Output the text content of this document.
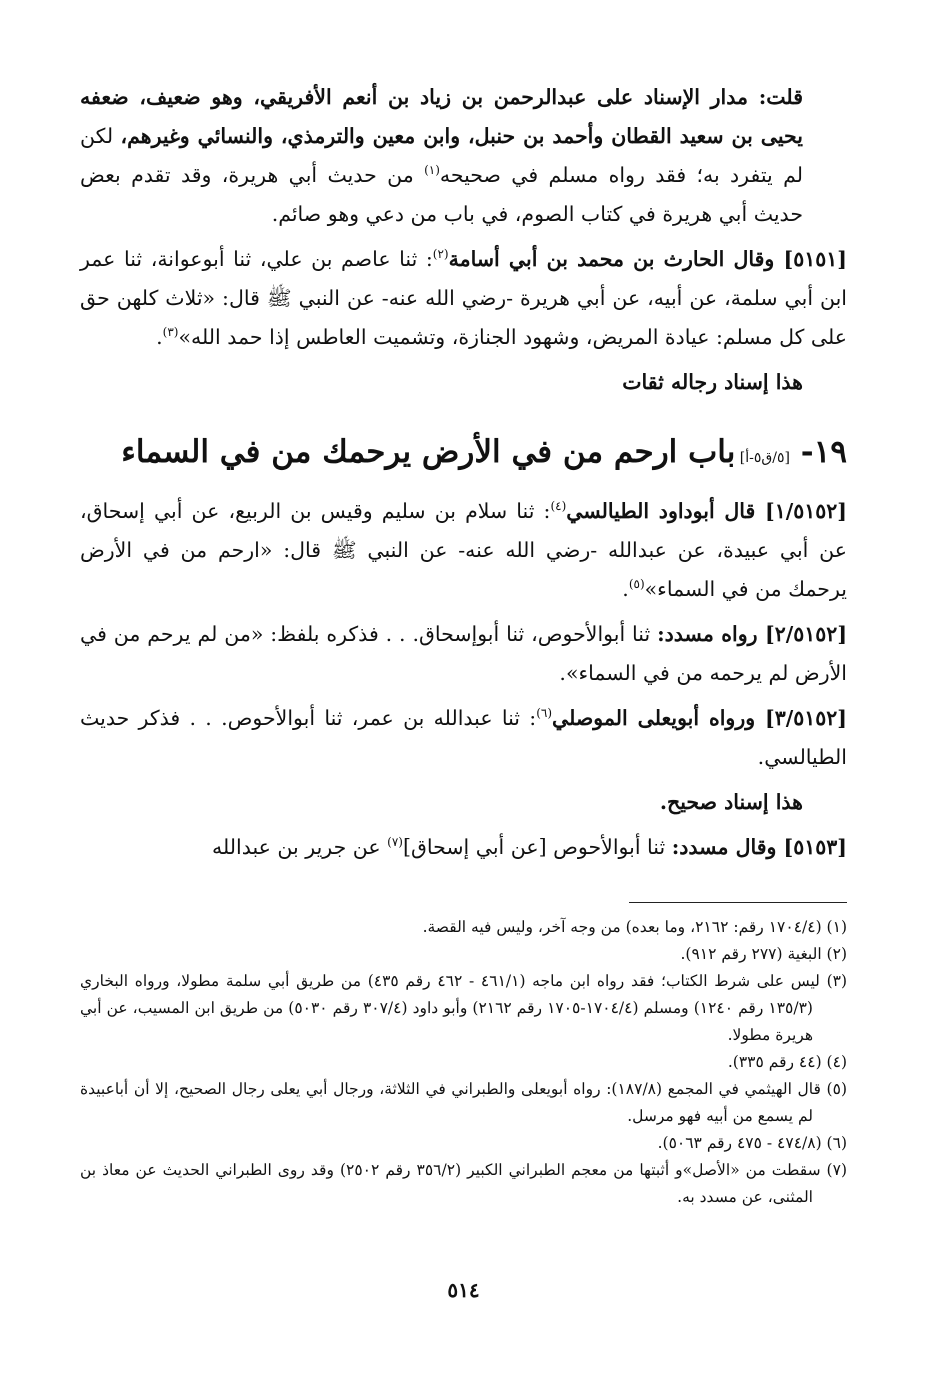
قلت: مدار الإسناد على عبدالرحمن بن زياد بن أنعم الأفريقي، وهو ضعيف، ضعفه يحيى بن سعيد القطان وأحمد بن حنبل، وابن معين والترمذي، والنسائي وغيرهم، لكن لم يتفرد به؛ فقد رواه مسلم في صحيحه$^{(١)}$ من حديث أبي هريرة، وقد تقدم بعض حديث أبي هريرة في كتاب الصوم، في باب من دعي وهو صائم.

[٥١٥١] وقال الحارث بن محمد بن أبي أسامة$^{(٢)}$: ثنا عاصم بن علي، ثنا أبوعوانة، ثنا عمر ابن أبي سلمة، عن أبيه، عن أبي هريرة -رضي الله عنه- عن النبي ﷺ قال: «ثلاث كلهن حق على كل مسلم: عيادة المريض، وشهود الجنازة، وتشميت العاطس إذا حمد الله»$^{(٣)}$.

هذا إسناد رجاله ثقات

١٩- [٥/ق٥-أ] باب ارحم من في الأرض يرحمك من في السماء

[١/٥١٥٢] قال أبوداود الطيالسي$^{(٤)}$: ثنا سلام بن سليم وقيس بن الربيع، عن أبي إسحاق، عن أبي عبيدة، عن عبدالله -رضي الله عنه- عن النبي ﷺ قال: «ارحم من في الأرض يرحمك من في السماء»$^{(٥)}$.

[٢/٥١٥٢] رواه مسدد: ثنا أبوالأحوص، ثنا أبوإسحاق. . . فذكره بلفظ: «من لم يرحم من في الأرض لم يرحمه من في السماء».

[٣/٥١٥٢] ورواه أبويعلى الموصلي$^{(٦)}$: ثنا عبدالله بن عمر، ثنا أبوالأحوص. . . فذكر حديث الطيالسي.

هذا إسناد صحيح.

[٥١٥٣] وقال مسدد: ثنا أبوالأحوص [عن أبي إسحاق]$^{(٧)}$ عن جرير بن عبدالله

(١) (١٧٠٤/٤ رقم: ٢١٦٢، وما بعده) من وجه آخر، وليس فيه القصة.

(٢) البغية (٢٧٧ رقم ٩١٢).

(٣) ليس على شرط الكتاب؛ فقد رواه ابن ماجه (٤٦١/١ - ٤٦٢ رقم ٤٣٥) من طريق أبي سلمة مطولا، ورواه البخاري (١٣٥/٣ رقم ١٢٤٠) ومسلم (١٧٠٤/٤-١٧٠٥ رقم ٢١٦٢) وأبو داود (٣٠٧/٤ رقم ٥٠٣٠) من طريق ابن المسيب، عن أبي هريرة مطولا.

(٤) (٤٤ رقم ٣٣٥).

(٥) قال الهيثمي في المجمع (١٨٧/٨): رواه أبويعلى والطبراني في الثلاثة، ورجال أبي يعلى رجال الصحيح، إلا أن أباعبيدة لم يسمع من أبيه فهو مرسل.

(٦) (٤٧٤/٨ - ٤٧٥ رقم ٥٠٦٣).

(٧) سقطت من «الأصل»و أثبتها من معجم الطبراني الكبير (٣٥٦/٢ رقم ٢٥٠٢) وقد روى الطبراني الحديث عن معاذ بن المثنى، عن مسدد به.

٥١٤
